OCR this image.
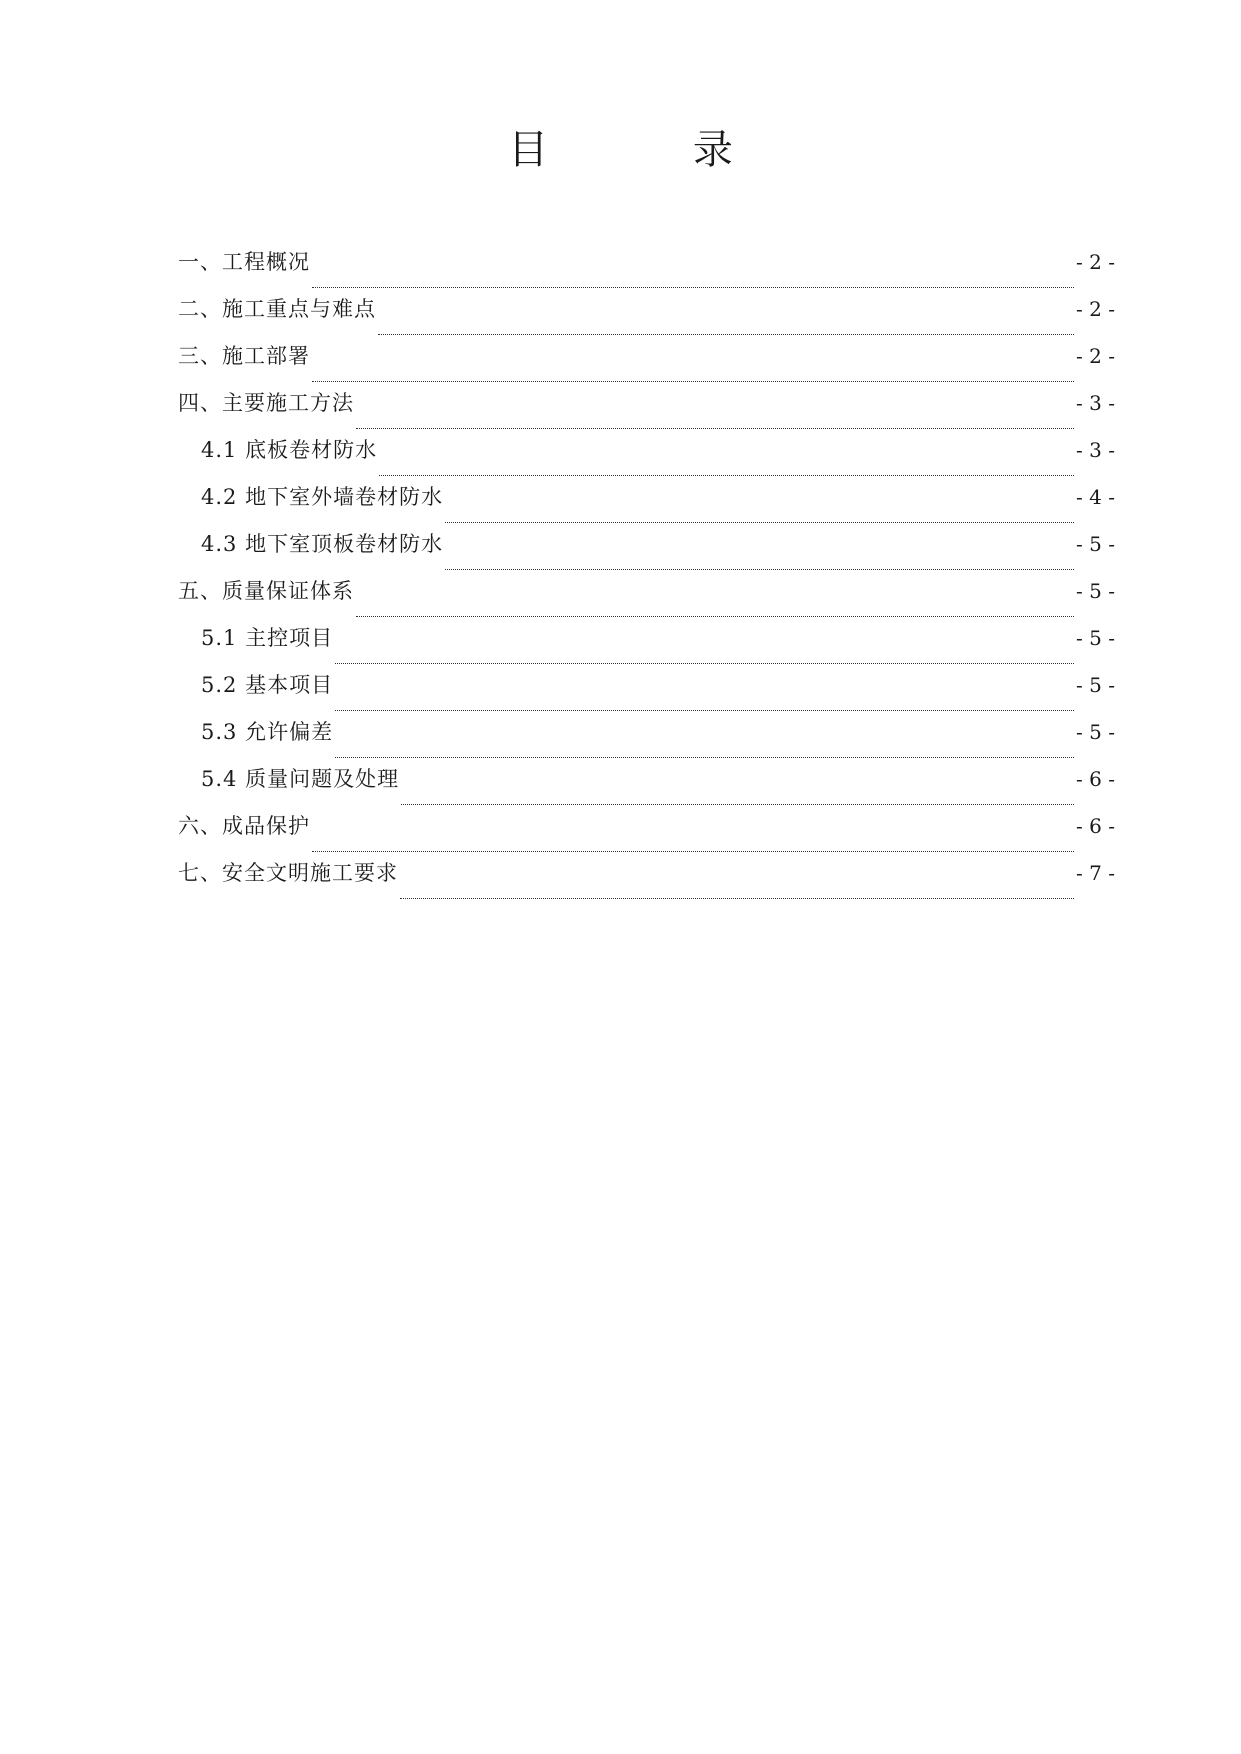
目 录
一、工程概况	- 2 -
二、施工重点与难点	- 2 -
三、施工部署	- 2 -
四、主要施工方法	- 3 -
4.1 底板卷材防水	- 3 -
4.2 地下室外墙卷材防水	- 4 -
4.3 地下室顶板卷材防水	- 5 -
五、质量保证体系	- 5 -
5.1 主控项目	- 5 -
5.2 基本项目	- 5 -
5.3 允许偏差	- 5 -
5.4 质量问题及处理	- 6 -
六、成品保护	- 6 -
七、安全文明施工要求	- 7 -
